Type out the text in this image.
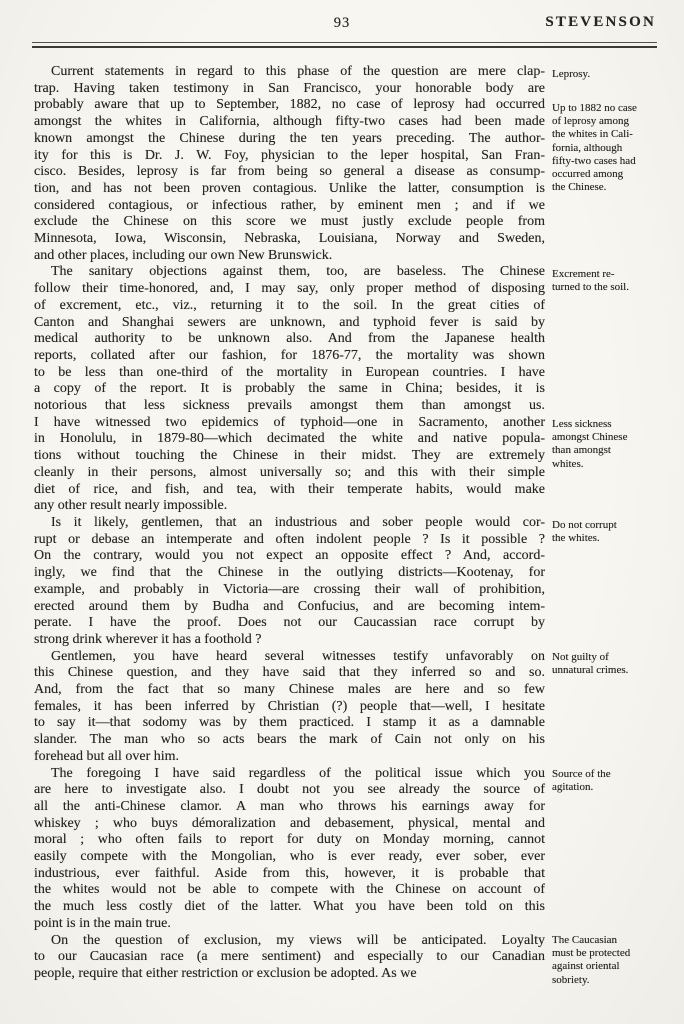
93	STEVENSON
Current statements in regard to this phase of the question are mere clap-
trap. Having taken testimony in San Francisco, your honorable body are
probably aware that up to September, 1882, no case of leprosy had occurred
amongst the whites in California, although fifty-two cases had been made
known amongst the Chinese during the ten years preceding. The author-
ity for this is Dr. J. W. Foy, physician to the leper hospital, San Fran-
cisco. Besides, leprosy is far from being so general a disease as consump-
tion, and has not been proven contagious. Unlike the latter, consumption is
considered contagious, or infectious rather, by eminent men ; and if we
exclude the Chinese on this score we must justly exclude people from
Minnesota, Iowa, Wisconsin, Nebraska, Louisiana, Norway and Sweden,
and other places, including our own New Brunswick.
The sanitary objections against them, too, are baseless. The Chinese
follow their time-honored, and, I may say, only proper method of disposing
of excrement, etc., viz., returning it to the soil. In the great cities of
Canton and Shanghai sewers are unknown, and typhoid fever is said by
medical authority to be unknown also. And from the Japanese health
reports, collated after our fashion, for 1876-77, the mortality was shown
to be less than one-third of the mortality in European countries. I have
a copy of the report. It is probably the same in China; besides, it is
notorious that less sickness prevails amongst them than amongst us.
I have witnessed two epidemics of typhoid—one in Sacramento, another
in Honolulu, in 1879-80—which decimated the white and native popula-
tions without touching the Chinese in their midst. They are extremely
cleanly in their persons, almost universally so; and this with their simple
diet of rice, and fish, and tea, with their temperate habits, would make
any other result nearly impossible.
Is it likely, gentlemen, that an industrious and sober people would cor-
rupt or debase an intemperate and often indolent people ? Is it possible ?
On the contrary, would you not expect an opposite effect ? And, accord-
ingly, we find that the Chinese in the outlying districts—Kootenay, for
example, and probably in Victoria—are crossing their wall of prohibition,
erected around them by Budha and Confucius, and are becoming intem-
perate. I have the proof. Does not our Caucassian race corrupt by
strong drink wherever it has a foothold ?
Gentlemen, you have heard several witnesses testify unfavorably on
this Chinese question, and they have said that they inferred so and so.
And, from the fact that so many Chinese males are here and so few
females, it has been inferred by Christian (?) people that—well, I hesitate
to say it—that sodomy was by them practiced. I stamp it as a damnable
slander. The man who so acts bears the mark of Cain not only on his
forehead but all over him.
The foregoing I have said regardless of the political issue which you
are here to investigate also. I doubt not you see already the source of
all the anti-Chinese clamor. A man who throws his earnings away for
whiskey ; who buys démoralization and debasement, physical, mental and
moral ; who often fails to report for duty on Monday morning, cannot
easily compete with the Mongolian, who is ever ready, ever sober, ever
industrious, ever faithful. Aside from this, however, it is probable that
the whites would not be able to compete with the Chinese on account of
the much less costly diet of the latter. What you have been told on this
point is in the main true.
On the question of exclusion, my views will be anticipated. Loyalty
to our Caucasian race (a mere sentiment) and especially to our Canadian
people, require that either restriction or exclusion be adopted. As we
Leprosy.
Up to 1882 no case
of leprosy among
the whites in Cali-
fornia, although
fifty-two cases had
occurred among
the Chinese.
Excrement re-
turned to the soil.
Less sickness
amongst Chinese
than amongst
whites.
Do not corrupt
the whites.
Not guilty of
unnatural crimes.
Source of the
agitation.
The Caucasian
must be protected
against oriental
sobriety.
